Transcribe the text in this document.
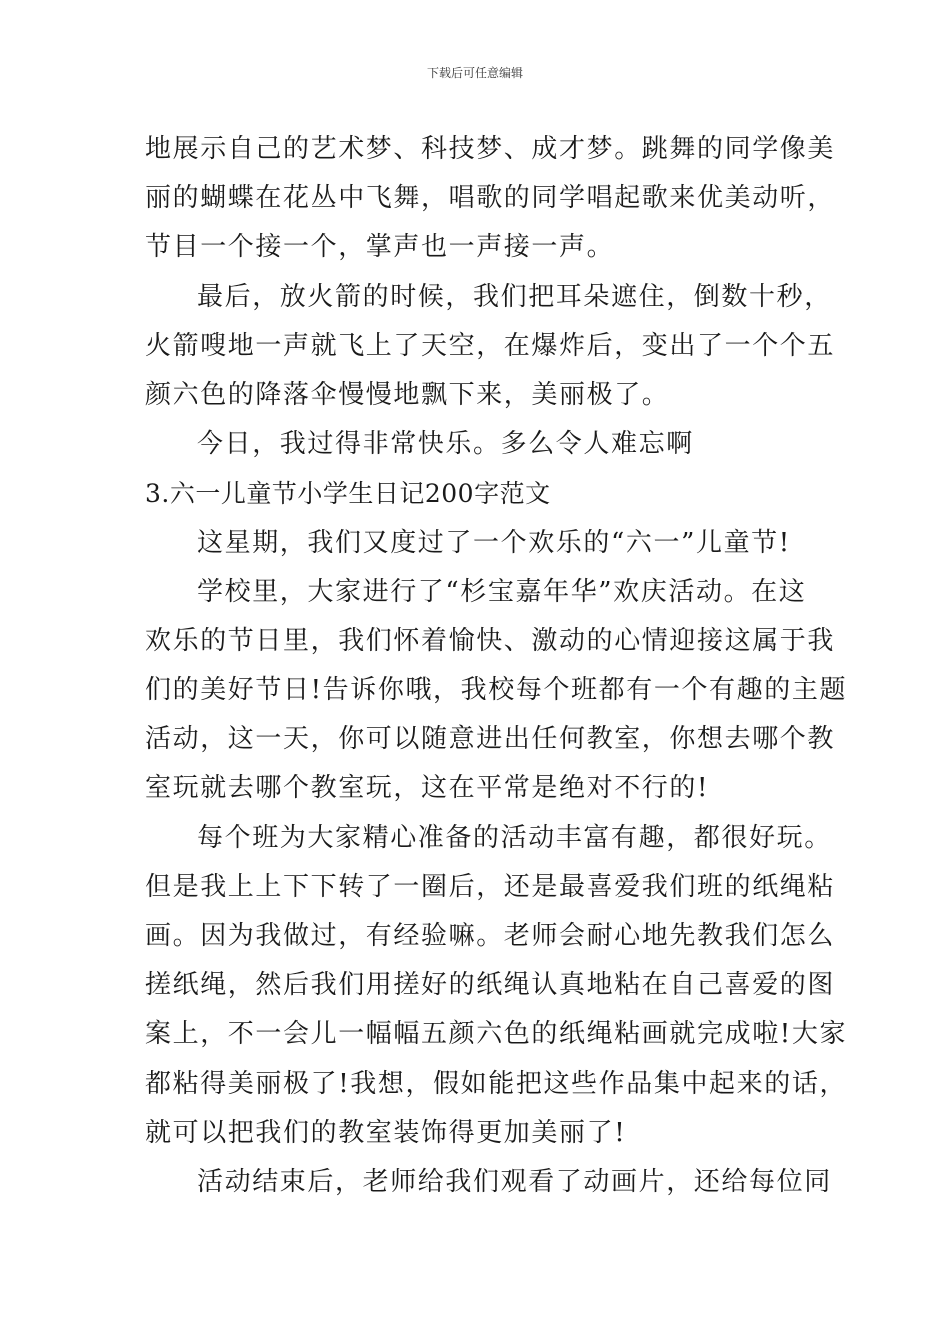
下载后可任意编辑
地展示自己的艺术梦、科技梦、成才梦。跳舞的同学像美
丽的蝴蝶在花丛中飞舞，唱歌的同学唱起歌来优美动听，
节目一个接一个，掌声也一声接一声。
最后，放火箭的时候，我们把耳朵遮住，倒数十秒，
火箭嗖地一声就飞上了天空，在爆炸后，变出了一个个五
颜六色的降落伞慢慢地飘下来，美丽极了。
今日，我过得非常快乐。多么令人难忘啊
3.六一儿童节小学生日记200字范文
这星期，我们又度过了一个欢乐的“六一”儿童节!
学校里，大家进行了“杉宝嘉年华”欢庆活动。在这
欢乐的节日里，我们怀着愉快、激动的心情迎接这属于我
们的美好节日!告诉你哦，我校每个班都有一个有趣的主题
活动，这一天，你可以随意进出任何教室，你想去哪个教
室玩就去哪个教室玩，这在平常是绝对不行的!
每个班为大家精心准备的活动丰富有趣，都很好玩。
但是我上上下下转了一圈后，还是最喜爱我们班的纸绳粘
画。因为我做过，有经验嘛。老师会耐心地先教我们怎么
搓纸绳，然后我们用搓好的纸绳认真地粘在自己喜爱的图
案上，不一会儿一幅幅五颜六色的纸绳粘画就完成啦!大家
都粘得美丽极了!我想，假如能把这些作品集中起来的话，
就可以把我们的教室装饰得更加美丽了!
活动结束后，老师给我们观看了动画片，还给每位同
